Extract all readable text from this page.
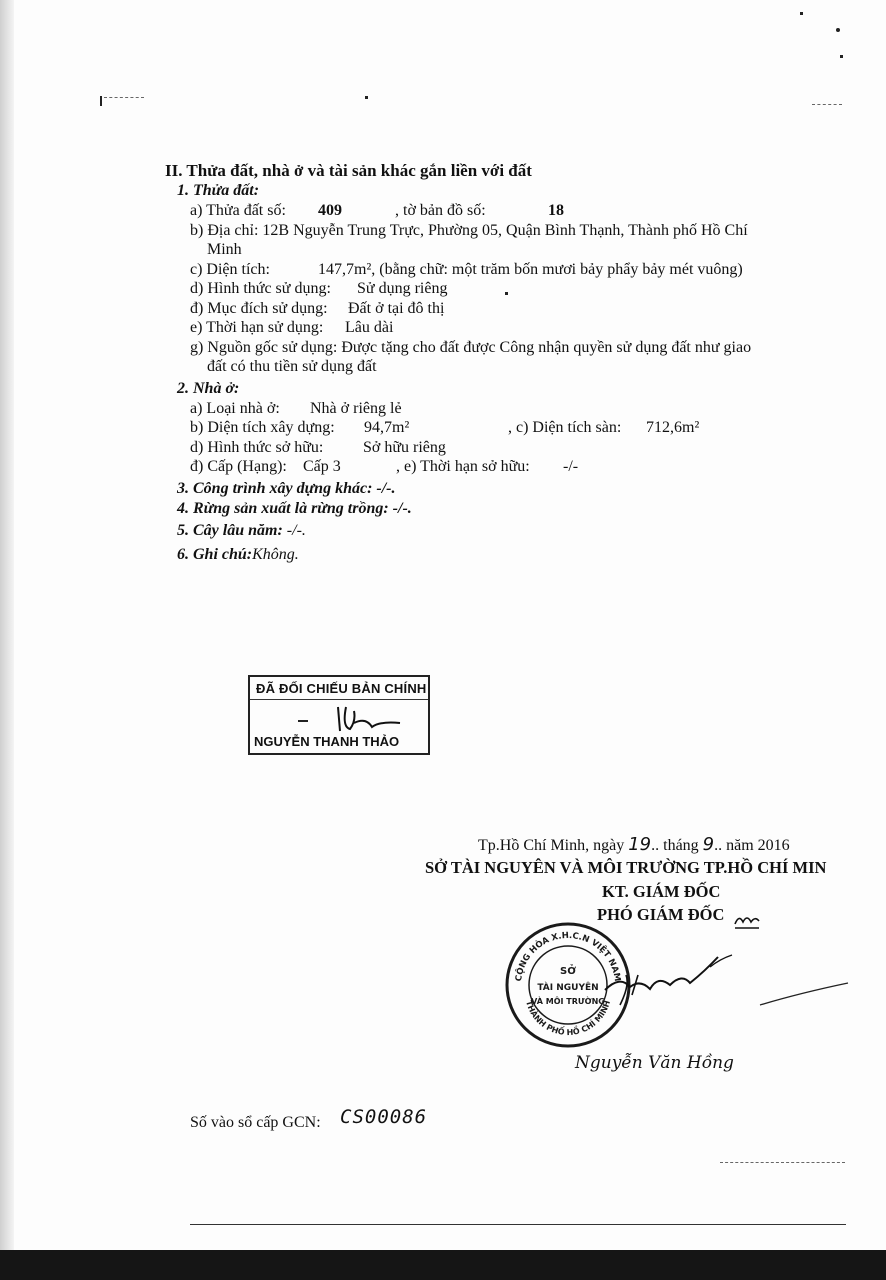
II. Thửa đất, nhà ở và tài sản khác gắn liền với đất
1. Thửa đất:
a) Thửa đất số: 409	, tờ bản đồ số:	18
b) Địa chỉ: 12B Nguyễn Trung Trực, Phường 05, Quận Bình Thạnh, Thành phố Hồ Chí
Minh
c) Diện tích:	147,7m², (bằng chữ: một trăm bốn mươi bảy phẩy bảy mét vuông)
d) Hình thức sử dụng: Sử dụng riêng
đ) Mục đích sử dụng: Đất ở tại đô thị
e) Thời hạn sử dụng: Lâu dài
g) Nguồn gốc sử dụng: Được tặng cho đất được Công nhận quyền sử dụng đất như giao
đất có thu tiền sử dụng đất
2. Nhà ở:
a) Loại nhà ở: Nhà ở riêng lẻ
b) Diện tích xây dựng: 94,7m²	, c) Diện tích sàn: 712,6m²
d) Hình thức sở hữu: Sở hữu riêng
đ) Cấp (Hạng): Cấp 3	, e) Thời hạn sở hữu: -/-
3. Công trình xây dựng khác: -/-.
4. Rừng sản xuất là rừng trồng: -/-.
5. Cây lâu năm: -/-.
6. Ghi chú:Không.
ĐÃ ĐỐI CHIẾU BẢN CHÍNH
NGUYỄN THANH THẢO
Tp.Hồ Chí Minh, ngày 19.. tháng 9.. năm 2016
SỞ TÀI NGUYÊN VÀ MÔI TRƯỜNG TP.HỒ CHÍ MIN
KT. GIÁM ĐỐC
PHÓ GIÁM ĐỐC
CỘNG HÒA X.H.C.N VIỆT NAM
THÀNH PHỐ HỒ CHÍ MINH
SỞ
TÀI NGUYÊN
VÀ MÔI TRƯỜNG
Nguyễn Văn Hồng
Số vào sổ cấp GCN: CS00086
